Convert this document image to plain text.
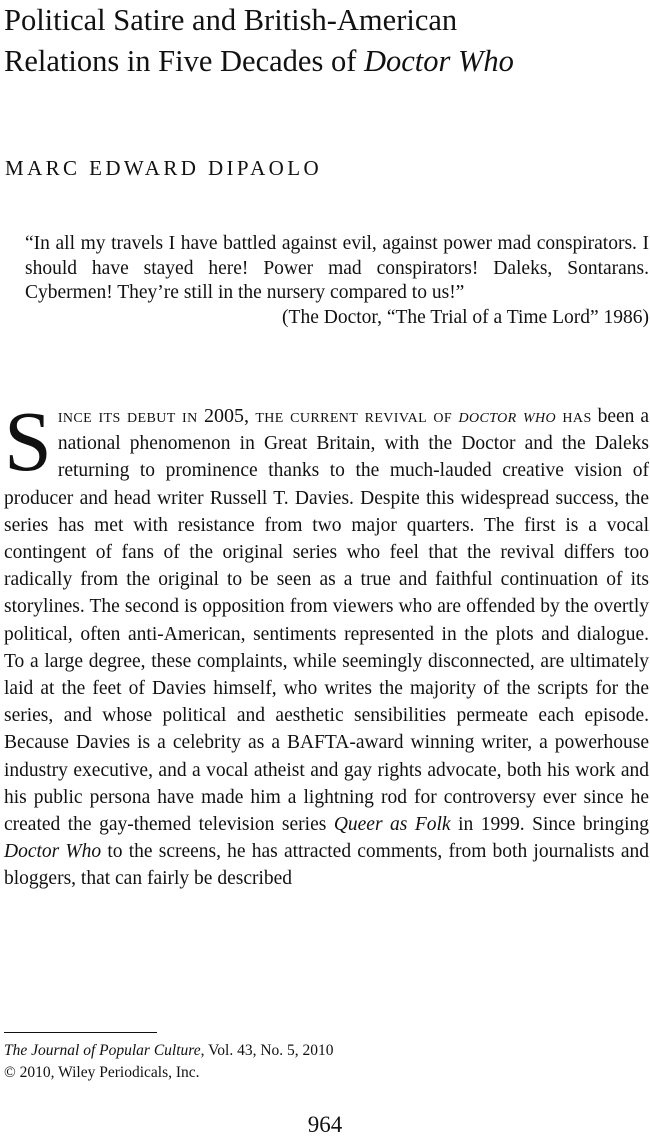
Political Satire and British-American
Relations in Five Decades of Doctor Who

MARC EDWARD DIPAOLO

“In all my travels I have battled against evil, against power mad conspirators. I should have stayed here! Power mad conspirators! Daleks, Sontarans. Cybermen! They’re still in the nursery compared to us!”

(The Doctor, “The Trial of a Time Lord” 1986)

Since its debut in 2005, the current revival of doctor who has been a national phenomenon in Great Britain, with the Doctor and the Daleks returning to prominence thanks to the much-lauded creative vision of producer and head writer Russell T. Davies. Despite this widespread success, the series has met with resistance from two major quarters. The first is a vocal contingent of fans of the original series who feel that the revival differs too radically from the original to be seen as a true and faithful continuation of its storylines. The second is opposition from viewers who are offended by the overtly political, often anti-American, sentiments represented in the plots and dialogue. To a large degree, these complaints, while seemingly disconnected, are ultimately laid at the feet of Davies himself, who writes the majority of the scripts for the series, and whose political and aesthetic sensibilities permeate each episode. Because Davies is a celebrity as a BAFTA-award winning writer, a powerhouse industry executive, and a vocal atheist and gay rights advocate, both his work and his public persona have made him a lightning rod for controversy ever since he created the gay-themed television series Queer as Folk in 1999. Since bringing Doctor Who to the screens, he has attracted comments, from both journalists and bloggers, that can fairly be described

The Journal of Popular Culture, Vol. 43, No. 5, 2010
© 2010, Wiley Periodicals, Inc.

964
